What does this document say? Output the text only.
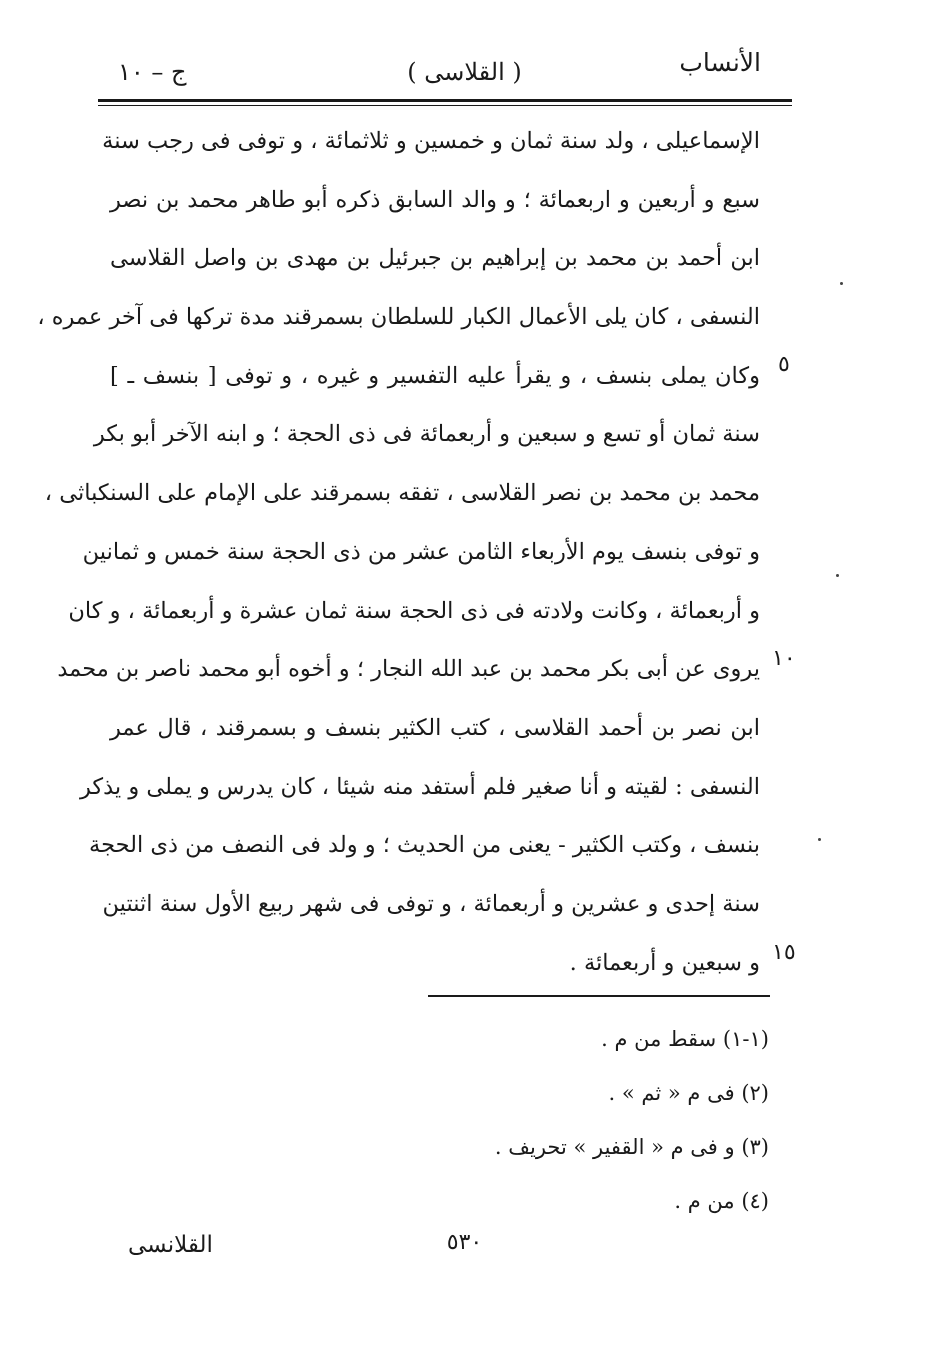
الأنساب
( القلاسى )
ج – ١٠
الإسماعيلى ، ولد سنة ثمان و خمسين و ثلاثمائة ، و توفى فى رجب سنة
سبع و أربعين و اربعمائة ؛ و والد السابق ذكره أبو طاهر محمد بن نصر
ابن أحمد بن محمد بن إبراهيم بن جبرئيل بن مهدى بن واصل القلاسى
النسفى ، كان يلى الأعمال الكبار للسلطان بسمرقند مدة تركها فى آخر عمره ،
وكان يملى بنسف ، و يقرأ عليه التفسير و غيره ، و توفى [ بنسف ـ ]
سنة ثمان أو تسع و سبعين و أربعمائة فى ذى الحجة ؛ و ابنه الآخر أبو بكر
محمد بن محمد بن نصر القلاسى ، تفقه بسمرقند على الإمام على السنكباثى ،
و توفى بنسف يوم الأربعاء الثامن عشر من ذى الحجة سنة خمس و ثمانين
و أربعمائة ، وكانت ولادته فى ذى الحجة سنة ثمان عشرة و أربعمائة ، و كان
يروى عن أبى بكر محمد بن عبد الله النجار ؛ و أخوه أبو محمد ناصر بن محمد
ابن نصر بن أحمد القلاسى ، كتب الكثير بنسف و بسمرقند ، قال عمر
النسفى : لقيته و أنا صغير فلم أستفد منه شيئا ، كان يدرس و يملى و يذكر
بنسف ، وكتب الكثير - يعنى من الحديث ؛ و ولد فى النصف من ذى الحجة
سنة إحدى و عشرين و أربعمائة ، و توفى فى شهر ربيع الأول سنة اثنتين
و سبعين و أربعمائة .
٥
١٠
١٥
(١-١) سقط من م .
(٢) فى م « ثم » .
(٣) و فى م « القفير » تحريف .
(٤) من م .
٥٣٠
القلانسى
